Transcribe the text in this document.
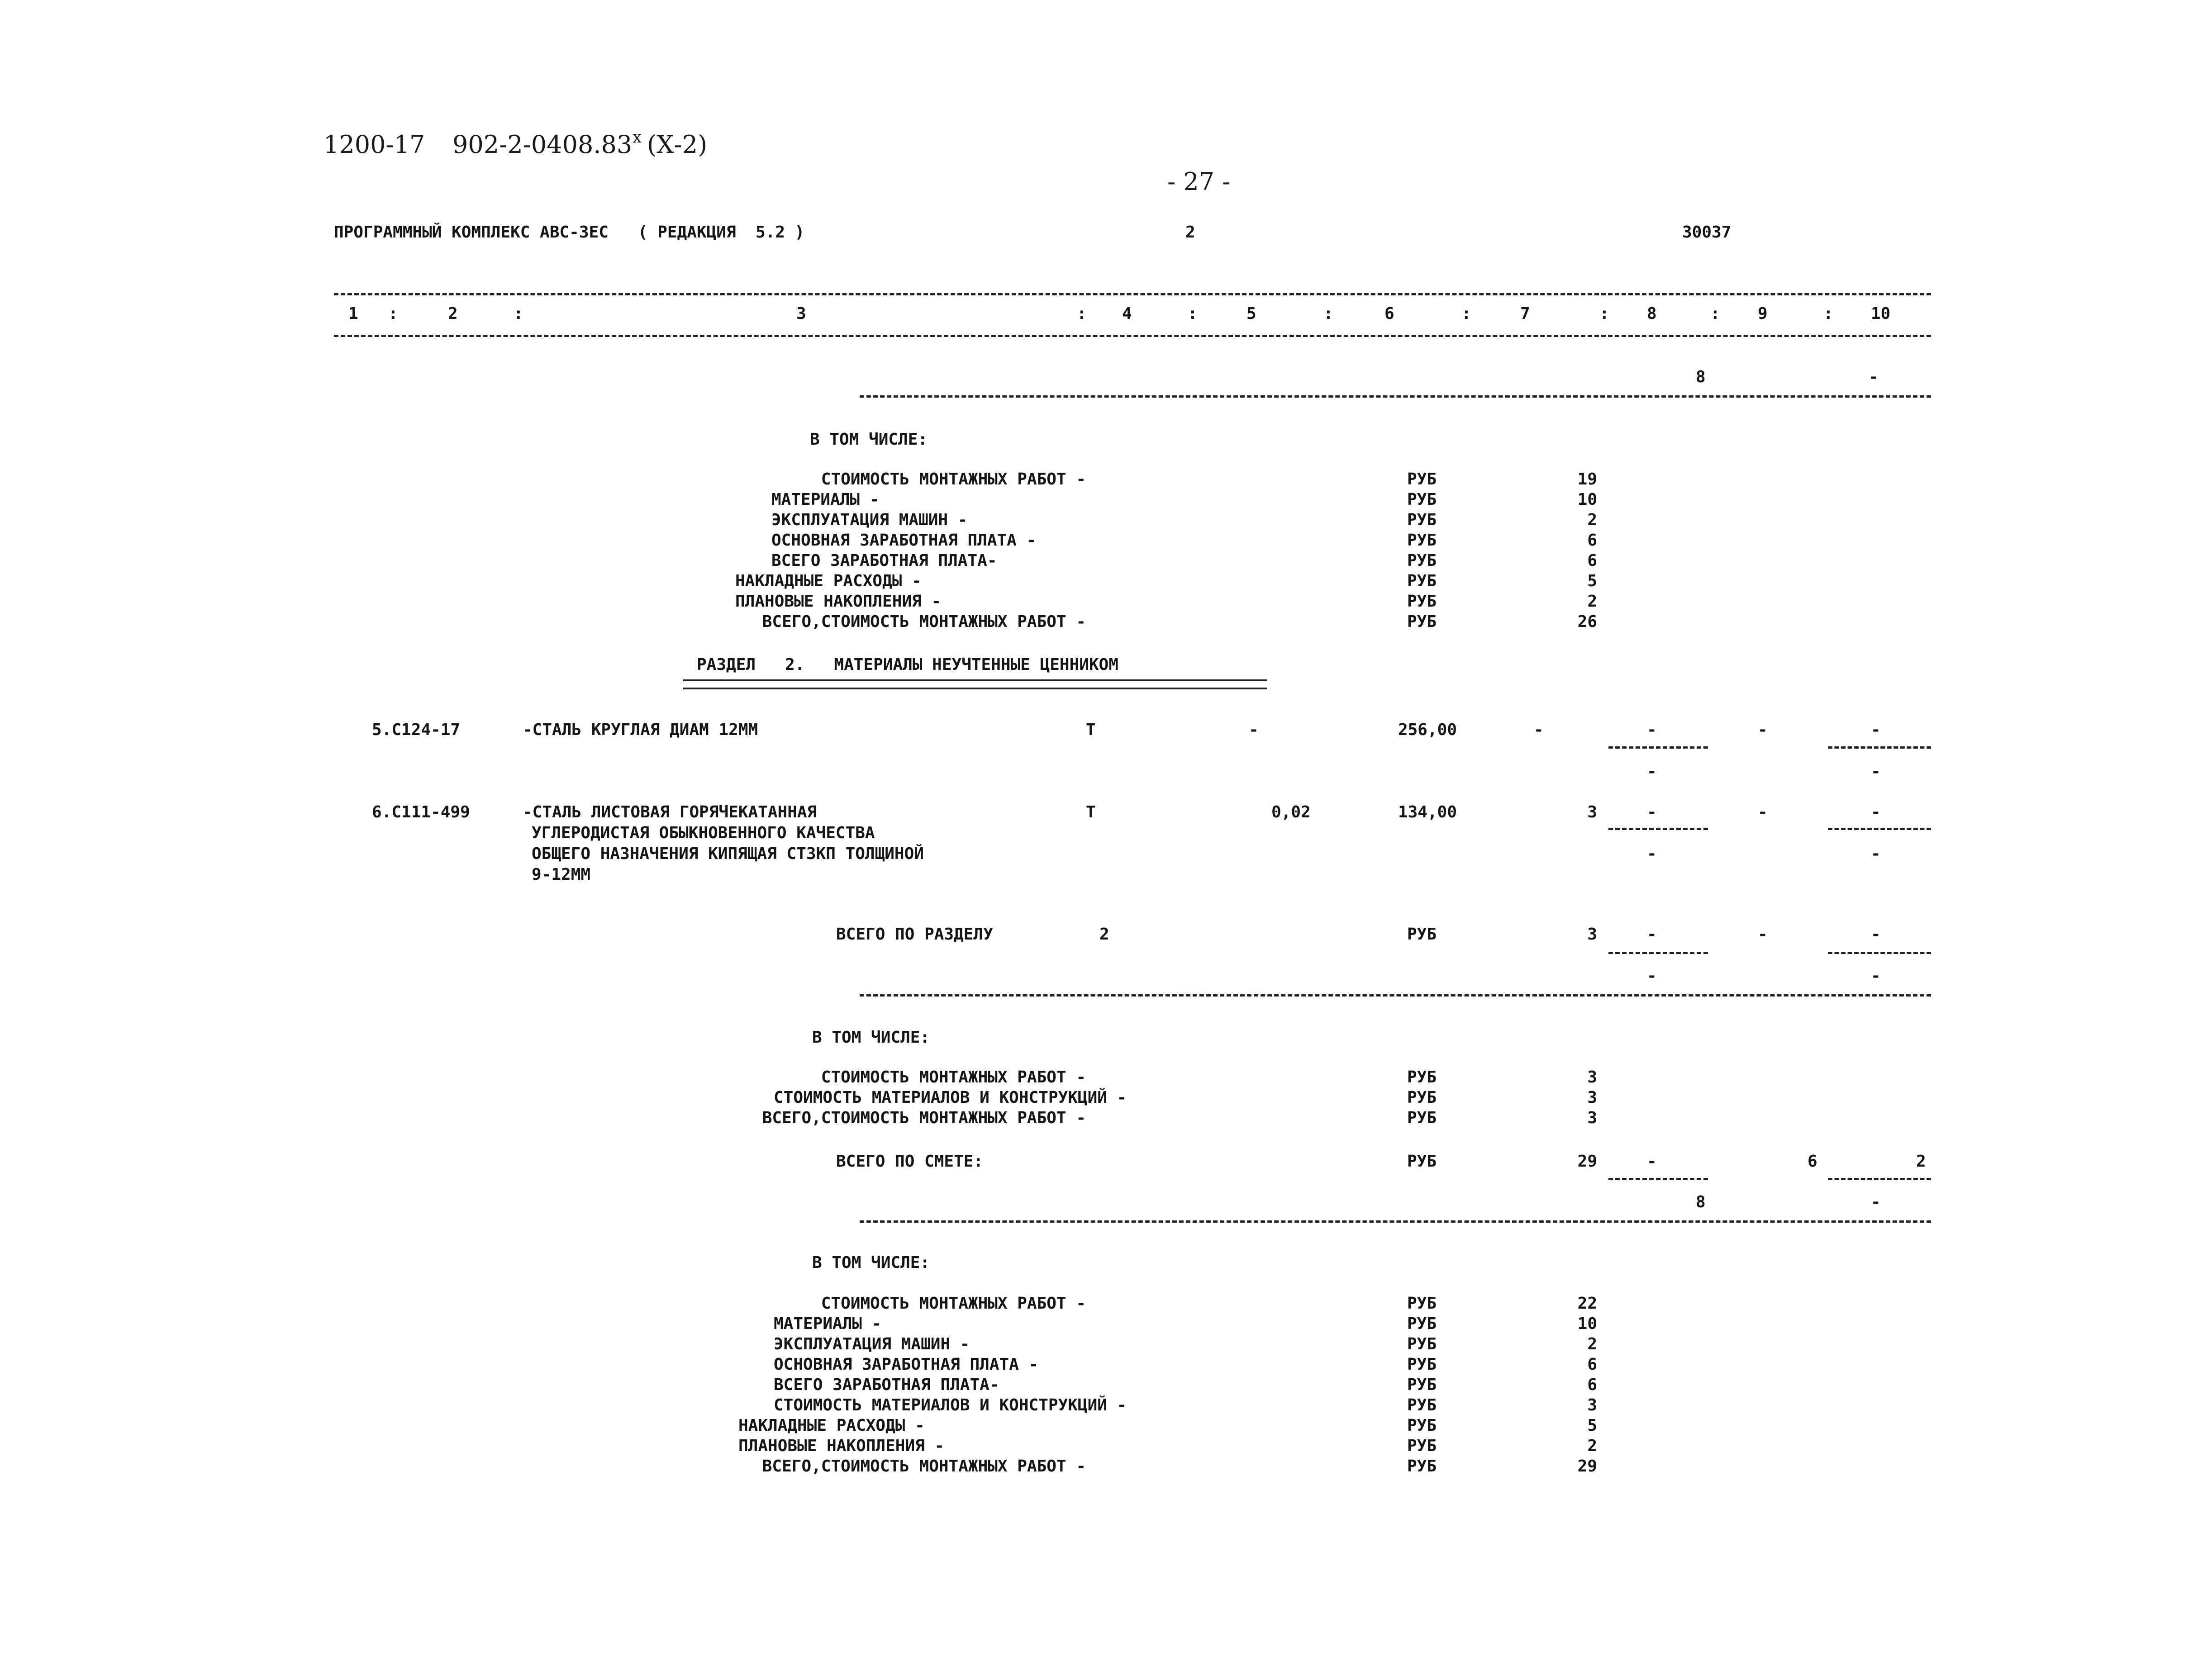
1200-17 902-2-0408.83 х (Х-2)
- 27 -
ПРОГРАММНЫЙ КОМПЛЕКС АВС-ЗЕС   ( РЕДАКЦИЯ  5.2 )	2	30037
1 :	2	:	3	: 4	:	5	:	6	:	7	: 8	: 9	: 10
8	-
В ТОМ ЧИСЛЕ:
СТОИМОСТЬ МОНТАЖНЫХ РАБОТ -	РУБ	19
МАТЕРИАЛЫ -	РУБ	10
ЭКСПЛУАТАЦИЯ МАШИН -	РУБ	2
ОСНОВНАЯ ЗАРАБОТНАЯ ПЛАТА -	РУБ	6
ВСЕГО ЗАРАБОТНАЯ ПЛАТА-	РУБ	6
НАКЛАДНЫЕ РАСХОДЫ -	РУБ	5
ПЛАНОВЫЕ НАКОПЛЕНИЯ -	РУБ	2
ВСЕГО,СТОИМОСТЬ МОНТАЖНЫХ РАБОТ -	РУБ	26
РАЗДЕЛ   2.   МАТЕРИАЛЫ НЕУЧТЕННЫЕ ЦЕННИКОМ
5.С124-17	-СТАЛЬ КРУГЛАЯ ДИАМ 12ММ	Т	-	256,00	-	-	-	-
-	-
6.С111-499	-СТАЛЬ ЛИСТОВАЯ ГОРЯЧЕКАТАННАЯ
УГЛЕРОДИСТАЯ ОБЫКНОВЕННОГО КАЧЕСТВА
ОБЩЕГО НАЗНАЧЕНИЯ КИПЯЩАЯ СТЗКП ТОЛЩИНОЙ
9-12ММ
Т	0,02	134,00	3	-	-	-
-	-
ВСЕГО ПО РАЗДЕЛУ	2	РУБ	3	-	-	-
-	-
В ТОМ ЧИСЛЕ:
СТОИМОСТЬ МОНТАЖНЫХ РАБОТ -	РУБ	3
СТОИМОСТЬ МАТЕРИАЛОВ И КОНСТРУКЦИЙ -	РУБ	3
ВСЕГО,СТОИМОСТЬ МОНТАЖНЫХ РАБОТ -	РУБ	3
ВСЕГО ПО СМЕТЕ:	РУБ	29	-	6	2
8	-
В ТОМ ЧИСЛЕ:
СТОИМОСТЬ МОНТАЖНЫХ РАБОТ -	РУБ	22
МАТЕРИАЛЫ -	РУБ	10
ЭКСПЛУАТАЦИЯ МАШИН -	РУБ	2
ОСНОВНАЯ ЗАРАБОТНАЯ ПЛАТА -	РУБ	6
ВСЕГО ЗАРАБОТНАЯ ПЛАТА-	РУБ	6
СТОИМОСТЬ МАТЕРИАЛОВ И КОНСТРУКЦИЙ -	РУБ	3
НАКЛАДНЫЕ РАСХОДЫ -	РУБ	5
ПЛАНОВЫЕ НАКОПЛЕНИЯ -	РУБ	2
ВСЕГО,СТОИМОСТЬ МОНТАЖНЫХ РАБОТ -	РУБ	29
